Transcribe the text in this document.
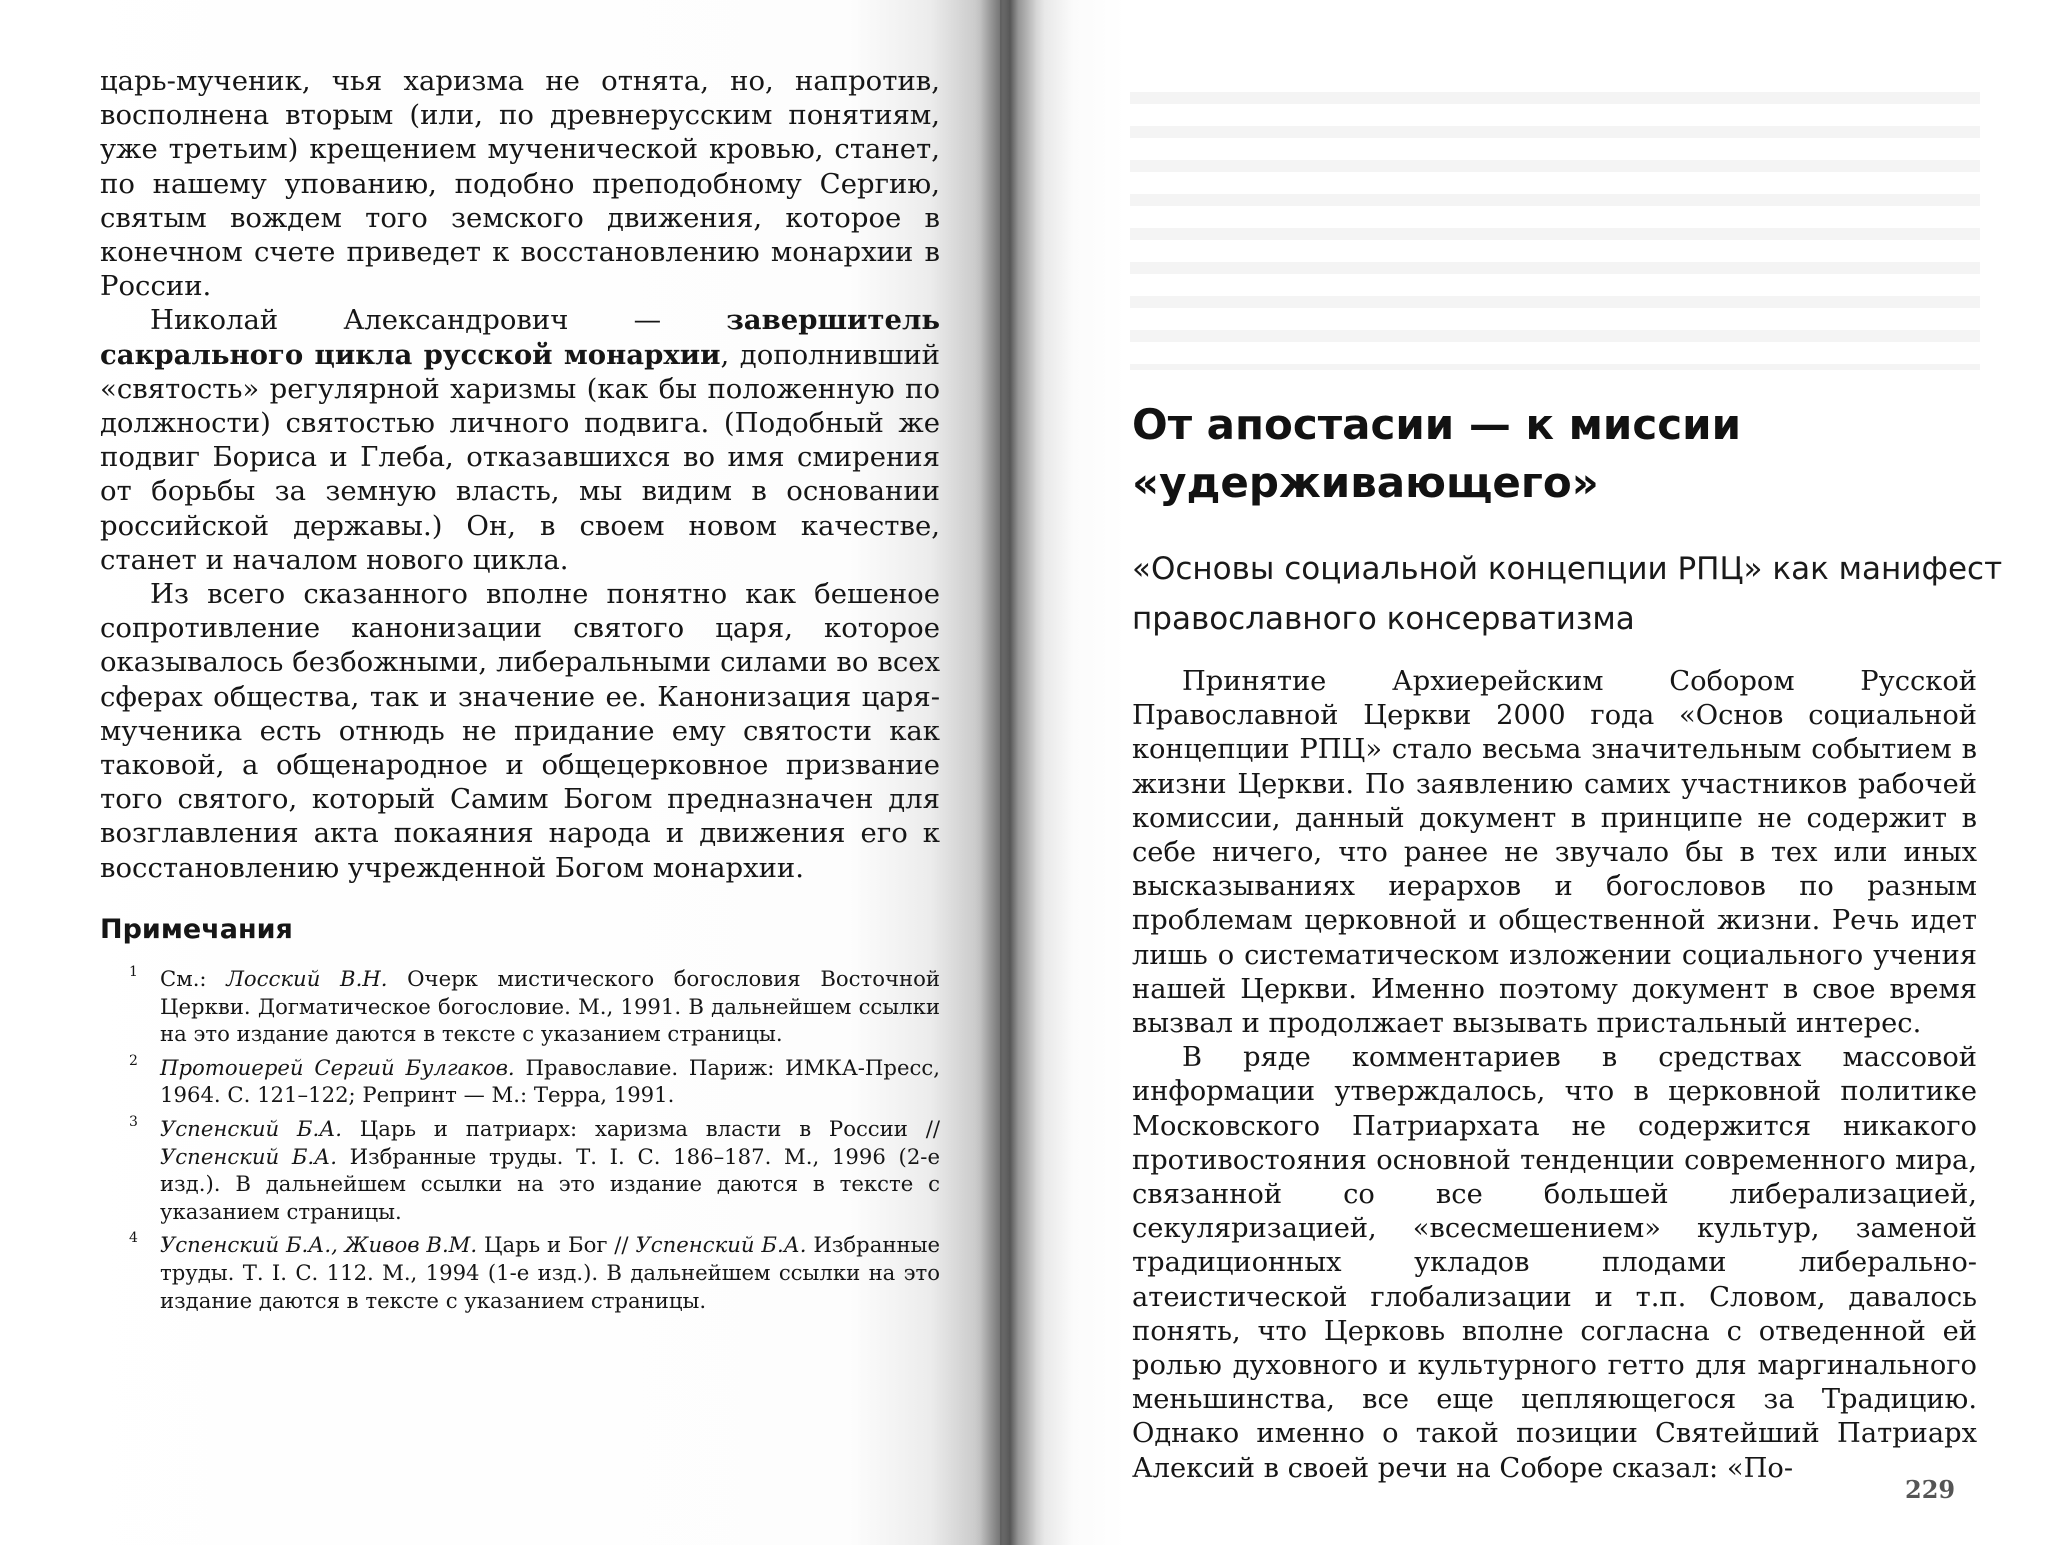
царь-мученик, чья харизма не отнята, но, напротив, восполнена вторым (или, по древнерусским понятиям, уже третьим) крещением мученической кровью, станет, по нашему упованию, подобно преподобному Сергию, святым вождем того земского движения, которое в конечном счете приведет к восстановлению монархии в России.

Николай Александрович — завершитель сакрального цикла русской монархии, дополнивший «святость» регулярной харизмы (как бы положенную по должности) святостью личного подвига. (Подобный же подвиг Бориса и Глеба, отказавшихся во имя смирения от борьбы за земную власть, мы видим в основании российской державы.) Он, в своем новом качестве, станет и началом нового цикла.

Из всего сказанного вполне понятно как бешеное сопротивление канонизации святого царя, которое оказывалось безбожными, либеральными силами во всех сферах общества, так и значение ее. Канонизация царя-мученика есть отнюдь не придание ему святости как таковой, а общенародное и общецерковное призвание того святого, который Самим Богом предназначен для возглавления акта покаяния народа и движения его к восстановлению учрежденной Богом монархии.

Примечания
1 См.: Лосский В.Н. Очерк мистического богословия Восточной Церкви. Догматическое богословие. М., 1991. В дальнейшем ссылки на это издание даются в тексте с указанием страницы.
2 Протоиерей Сергий Булгаков. Православие. Париж: ИМКА-Пресс, 1964. С. 121–122; Репринт — М.: Терра, 1991.
3 Успенский Б.А. Царь и патриарх: харизма власти в России // Успенский Б.А. Избранные труды. Т. I. С. 186–187. М., 1996 (2-е изд.). В дальнейшем ссылки на это издание даются в тексте с указанием страницы.
4 Успенский Б.А., Живов В.М. Царь и Бог // Успенский Б.А. Избранные труды. Т. I. С. 112. М., 1994 (1-е изд.). В дальнейшем ссылки на это издание даются в тексте с указанием страницы.
От апостасии — к миссии «удерживающего»
«Основы социальной концепции РПЦ» как манифест православного консерватизма

Принятие Архиерейским Собором Русской Православной Церкви 2000 года «Основ социальной концепции РПЦ» стало весьма значительным событием в жизни Церкви. По заявлению самих участников рабочей комиссии, данный документ в принципе не содержит в себе ничего, что ранее не звучало бы в тех или иных высказываниях иерархов и богословов по разным проблемам церковной и общественной жизни. Речь идет лишь о систематическом изложении социального учения нашей Церкви. Именно поэтому документ в свое время вызвал и продолжает вызывать пристальный интерес.

В ряде комментариев в средствах массовой информации утверждалось, что в церковной политике Московского Патриархата не содержится никакого противостояния основной тенденции современного мира, связанной со все большей либерализацией, секуляризацией, «всесмешением» культур, заменой традиционных укладов плодами либерально-атеистической глобализации и т.п. Словом, давалось понять, что Церковь вполне согласна с отведенной ей ролью духовного и культурного гетто для маргинального меньшинства, все еще цепляющегося за Традицию. Однако именно о такой позиции Святейший Патриарх Алексий в своей речи на Соборе сказал: «По-

229
